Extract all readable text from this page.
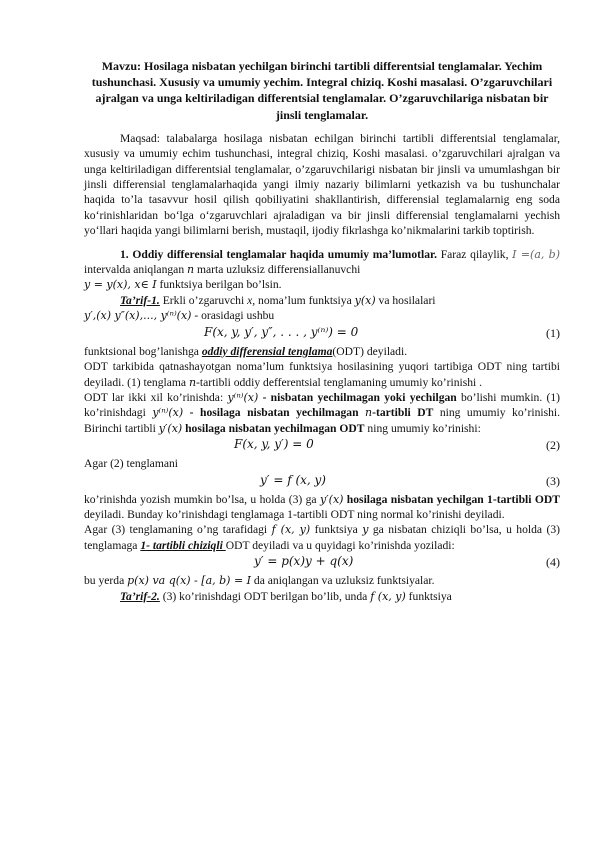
Mavzu: Hosilaga nisbatan yechilgan birinchi tartibli differentsial tenglamalar. Yechim tushunchasi. Xususiy va umumiy yechim. Integral chiziq. Koshi masalasi. O’zgaruvchilari ajralgan va unga keltiriladigan differentsial tenglamalar. O’zgaruvchilariga nisbatan bir jinsli tenglamalar.

Maqsad: talabalarga hosilaga nisbatan echilgan birinchi tartibli differentsial tenglamalar, xususiy va umumiy echim tushunchasi, integral chiziq, Koshi masalasi. o’zgaruvchilari ajralgan va unga keltiriladigan differentsial tenglamalar, o’zgaruvchilarigi nisbatan bir jinsli va umumlashgan bir jinsli differensial tenglamalarhaqida yangi ilmiy nazariy bilimlarni yetkazish va bu tushunchalar haqida to’la tasavvur hosil qilish qobiliyatini shakllantirish, differensial teglamalarnig eng soda ko‘rinishlaridan bo‘lga o‘zgaruvchlari ajraladigan va bir jinsli differensial tenglamalarni yechish yo‘llari haqida yangi bilimlarni berish, mustaqil, ijodiy fikrlashga ko’nikmalarini tarkib toptirish.

1. Oddiy differensial tenglamalar haqida umumiy ma’lumotlar. Faraz qilaylik, I =(a, b) intervalda aniqlangan n marta uzluksiz differensiallanuvchi
y = y(x), x∈ I funktsiya berilgan bo’lsin.

Ta’rif-1. Erkli o’zgaruvchi x, noma’lum funktsiya y(x) va hosilalari
y′,(x) y″(x),..., y⁽ⁿ⁾(x) - orasidagi ushbu

F(x, y, y′, y″, . . . , y⁽ⁿ⁾) = 0	(1)

funktsional bog’lanishga oddiy differensial tenglama(ODT) deyiladi.

ODT tarkibida qatnashayotgan noma’lum funktsiya hosilasining yuqori tartibiga ODT ning tartibi deyiladi. (1) tenglama n-tartibli oddiy defferentsial tenglamaning umumiy ko’rinishi .

ODT lar ikki xil ko’rinishda: y⁽ⁿ⁾(x) - nisbatan yechilmagan yoki yechilgan bo’lishi mumkin. (1) ko’rinishdagi y⁽ⁿ⁾(x) - hosilaga nisbatan yechilmagan n-tartibli DT ning umumiy ko’rinishi. Birinchi tartibli y′(x) hosilaga nisbatan yechilmagan ODT ning umumiy ko’rinishi:

F(x, y, y′) = 0	(2)

Agar (2) tenglamani

y′ = f (x, y)	(3)

ko’rinishda yozish mumkin bo’lsa, u holda (3) ga y′(x) hosilaga nisbatan yechilgan 1-tartibli ODT deyiladi. Bunday ko’rinishdagi tenglamaga 1-tartibli ODT ning normal ko’rinishi deyiladi.

Agar (3) tenglamaning o’ng tarafidagi f (x, y) funktsiya y ga nisbatan chiziqli bo’lsa, u holda (3) tenglamaga 1- tartibli chiziqli ODT deyiladi va u quyidagi ko’rinishda yoziladi:

y′ = p(x)y + q(x)	(4)

bu yerda p(x) va q(x) - [a, b) = I da aniqlangan va uzluksiz funktsiyalar.

Ta’rif-2. (3) ko’rinishdagi ODT berilgan bo’lib, unda f (x, y) funktsiya
